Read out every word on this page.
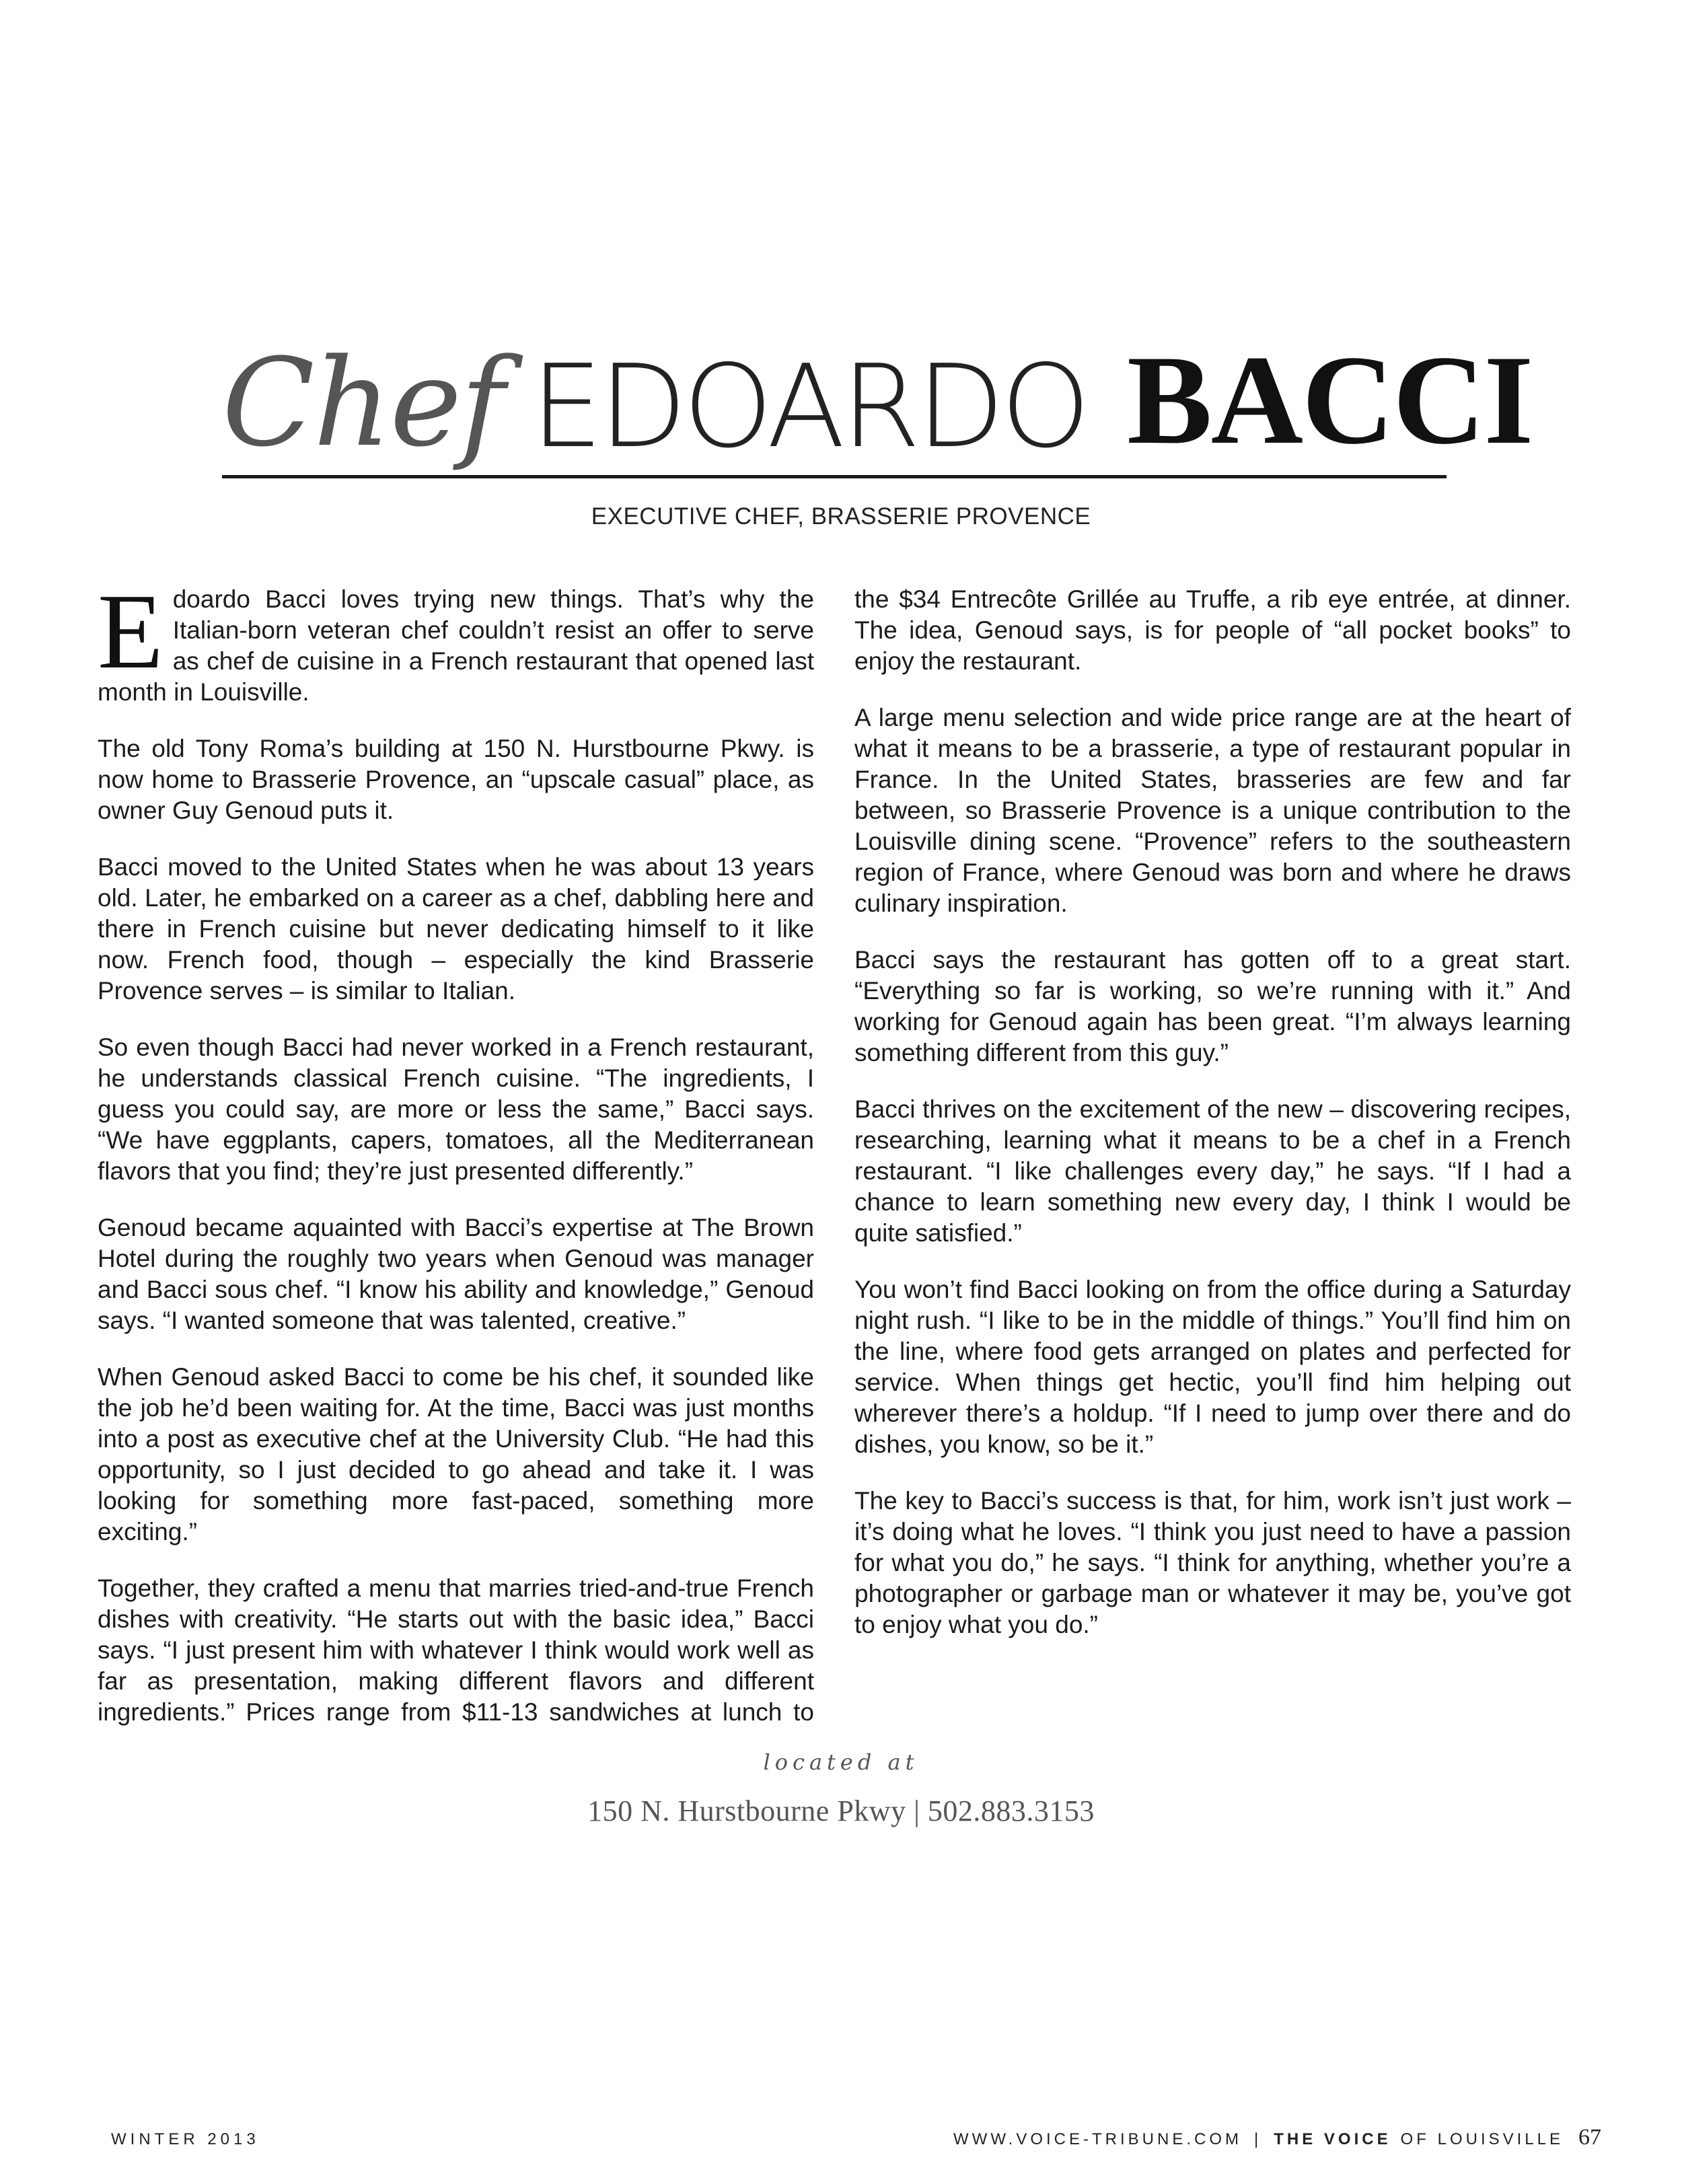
Chef EDOARDO BACCI
EXECUTIVE CHEF, BRASSERIE PROVENCE

Edoardo Bacci loves trying new things. That’s why the Italian-born veteran chef couldn’t resist an offer to serve as chef de cuisine in a French restaurant that opened last month in Louisville.

The old Tony Roma’s building at 150 N. Hurstbourne Pkwy. is now home to Brasserie Provence, an “upscale casual” place, as owner Guy Genoud puts it.

Bacci moved to the United States when he was about 13 years old. Later, he embarked on a career as a chef, dabbling here and there in French cuisine but never dedicating himself to it like now. French food, though – especially the kind Brasserie Provence serves – is similar to Italian.

So even though Bacci had never worked in a French restaurant, he understands classical French cuisine. “The ingredients, I guess you could say, are more or less the same,” Bacci says. “We have eggplants, capers, tomatoes, all the Mediterranean flavors that you find; they’re just presented differently.”

Genoud became aquainted with Bacci’s expertise at The Brown Hotel during the roughly two years when Genoud was manager and Bacci sous chef. “I know his ability and knowledge,” Genoud says. “I wanted someone that was talented, creative.”

When Genoud asked Bacci to come be his chef, it sounded like the job he’d been waiting for. At the time, Bacci was just months into a post as executive chef at the University Club. “He had this opportunity, so I just decided to go ahead and take it. I was looking for something more fast-paced, something more exciting.”

Together, they crafted a menu that marries tried-and-true French dishes with creativity. “He starts out with the basic idea,” Bacci says. “I just present him with whatever I think would work well as far as presentation, making different flavors and different ingredients.” Prices range from $11-13 sandwiches at lunch to the $34 Entrecôte Grillée au Truffe, a rib eye entrée, at dinner. The idea, Genoud says, is for people of “all pocket books” to enjoy the restaurant.

A large menu selection and wide price range are at the heart of what it means to be a brasserie, a type of restaurant popular in France. In the United States, brasseries are few and far between, so Brasserie Provence is a unique contribution to the Louisville dining scene. “Provence” refers to the southeastern region of France, where Genoud was born and where he draws culinary inspiration.

Bacci says the restaurant has gotten off to a great start. “Everything so far is working, so we’re running with it.” And working for Genoud again has been great. “I’m always learning something different from this guy.”

Bacci thrives on the excitement of the new – discovering recipes, researching, learning what it means to be a chef in a French restaurant. “I like challenges every day,” he says. “If I had a chance to learn something new every day, I think I would be quite satisfied.”

You won’t find Bacci looking on from the office during a Saturday night rush. “I like to be in the middle of things.” You’ll find him on the line, where food gets arranged on plates and perfected for service. When things get hectic, you’ll find him helping out wherever there’s a holdup. “If I need to jump over there and do dishes, you know, so be it.”

The key to Bacci’s success is that, for him, work isn’t just work – it’s doing what he loves. “I think you just need to have a passion for what you do,” he says. “I think for anything, whether you’re a photographer or garbage man or whatever it may be, you’ve got to enjoy what you do.”

located at
150 N. Hurstbourne Pkwy | 502.883.3153
WINTER 2013	WWW.VOICE-TRIBUNE.COM | THE VOICE OF LOUISVILLE 67
